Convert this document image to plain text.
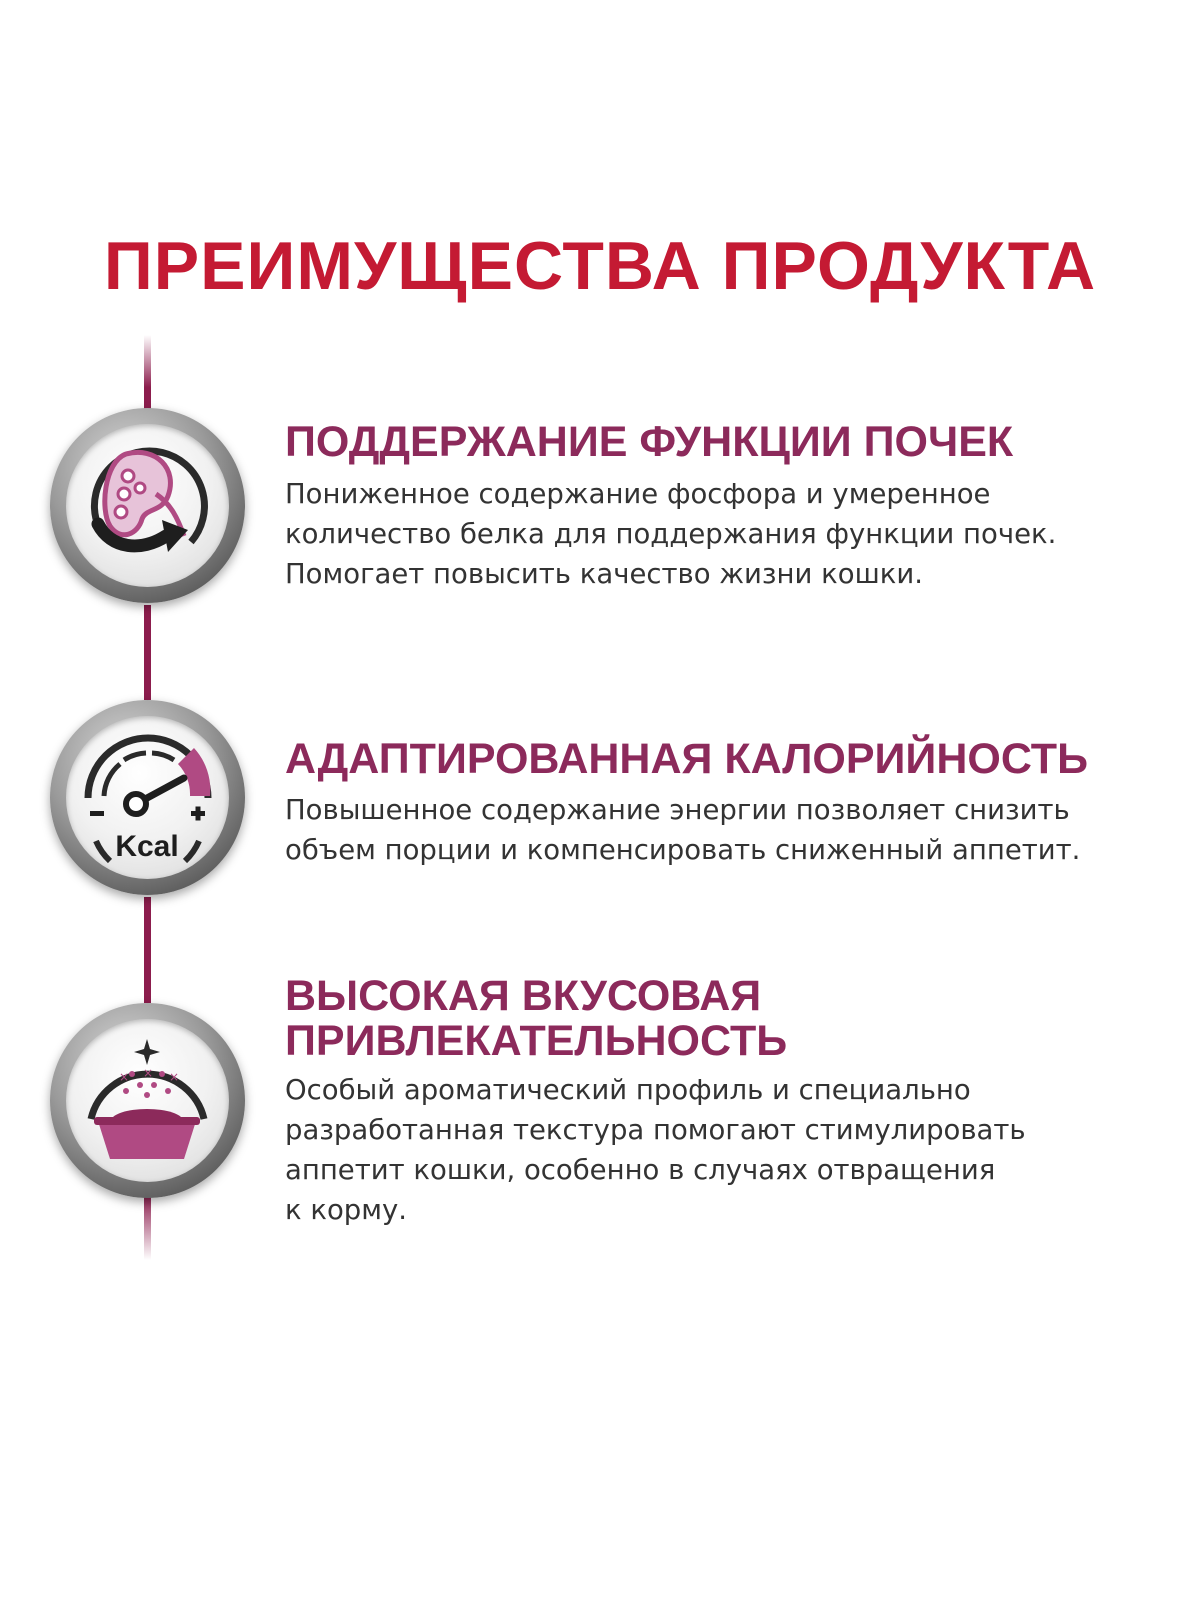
ПРЕИМУЩЕСТВА ПРОДУКТА
ПОДДЕРЖАНИЕ ФУНКЦИИ ПОЧЕК
Пониженное содержание фосфора и умеренное
количество белка для поддержания функции почек.
Помогает повысить качество жизни кошки.
Kcal
АДАПТИРОВАННАЯ КАЛОРИЙНОСТЬ
Повышенное содержание энергии позволяет снизить
объем порции и компенсировать сниженный аппетит.
×	×
×
ВЫСОКАЯ ВКУСОВАЯ
ПРИВЛЕКАТЕЛЬНОСТЬ
Особый ароматический профиль и специально
разработанная текстура помогают стимулировать
аппетит кошки, особенно в случаях отвращения
к корму.
